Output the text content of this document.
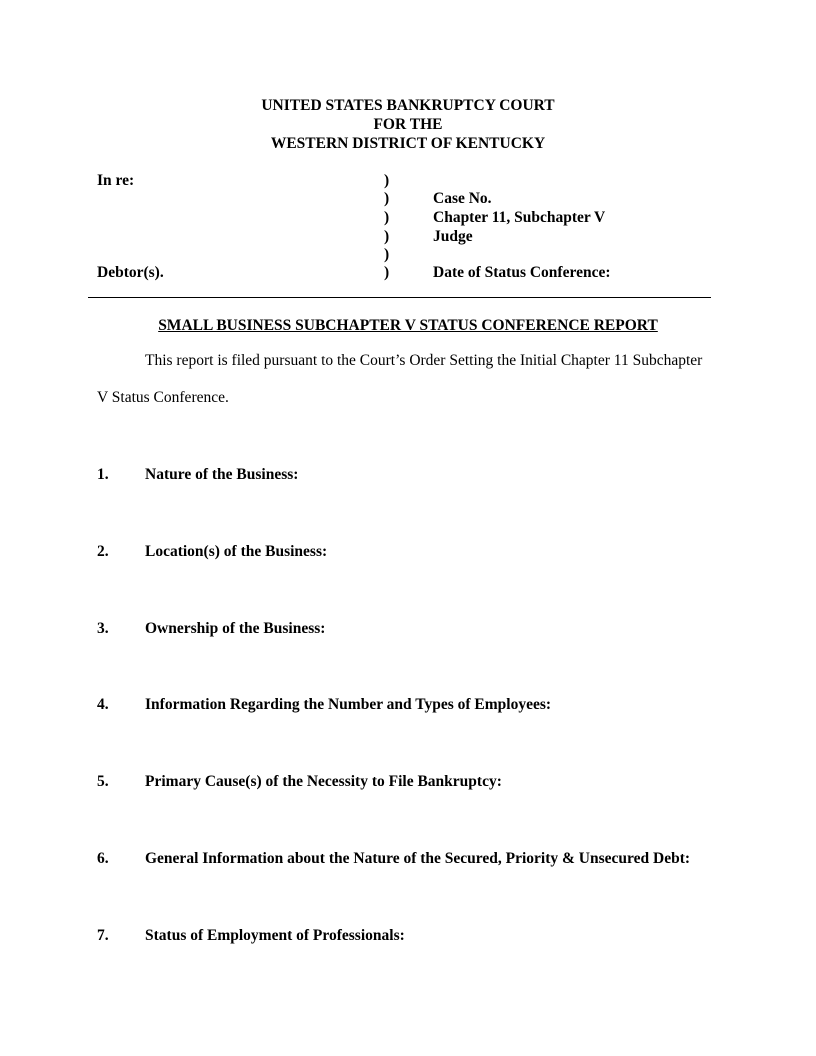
UNITED STATES BANKRUPTCY COURT
FOR THE
WESTERN DISTRICT OF KENTUCKY
In re:
Debtor(s).
)
)
)
)
)
)
Case No.
Chapter 11, Subchapter V
Judge
Date of Status Conference:
SMALL BUSINESS SUBCHAPTER V STATUS CONFERENCE REPORT
This report is filed pursuant to the Court’s Order Setting the Initial Chapter 11 Subchapter
V Status Conference.
1. Nature of the Business:
2. Location(s) of the Business:
3. Ownership of the Business:
4. Information Regarding the Number and Types of Employees:
5. Primary Cause(s) of the Necessity to File Bankruptcy:
6. General Information about the Nature of the Secured, Priority & Unsecured Debt:
7. Status of Employment of Professionals:
